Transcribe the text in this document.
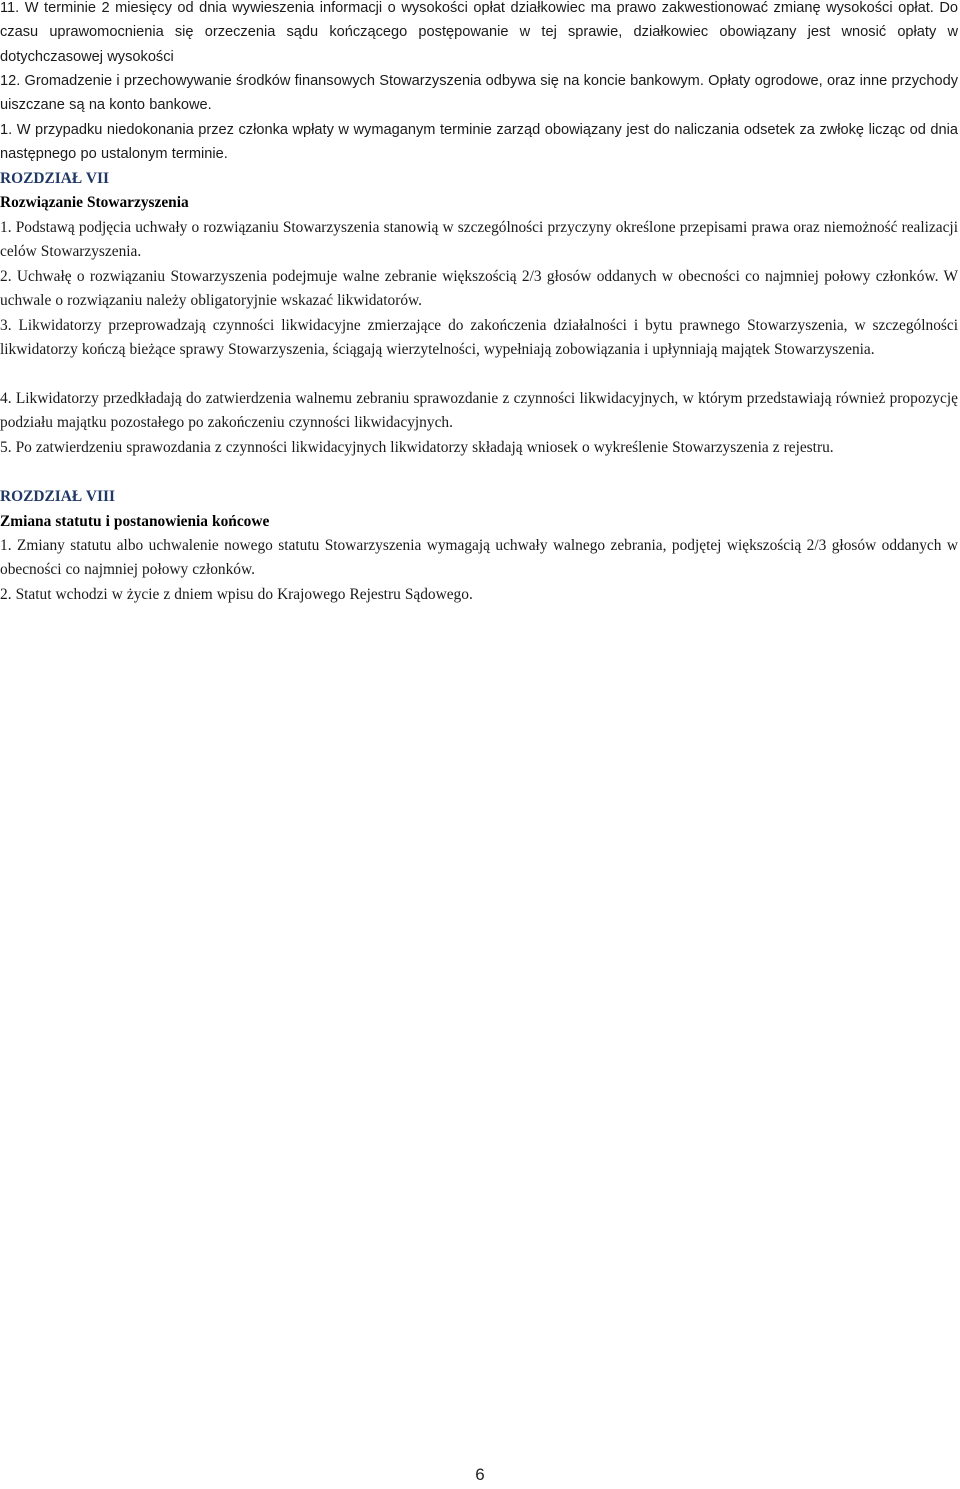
11. W terminie 2 miesięcy od dnia wywieszenia informacji o wysokości opłat działkowiec ma prawo zakwestionować zmianę wysokości opłat. Do czasu uprawomocnienia się orzeczenia sądu kończącego postępowanie w tej sprawie, działkowiec obowiązany jest wnosić opłaty w dotychczasowej wysokości

12. Gromadzenie i przechowywanie środków finansowych Stowarzyszenia odbywa się na koncie bankowym. Opłaty ogrodowe, oraz inne przychody uiszczane są na konto bankowe.

1. W przypadku niedokonania przez członka wpłaty w wymaganym terminie zarząd obowiązany jest do naliczania odsetek za zwłokę licząc od dnia następnego po ustalonym terminie.

ROZDZIAŁ VII

Rozwiązanie Stowarzyszenia

1. Podstawą podjęcia uchwały o rozwiązaniu Stowarzyszenia stanowią w szczególności przyczyny określone przepisami prawa oraz niemożność realizacji celów Stowarzyszenia.

2. Uchwałę o rozwiązaniu Stowarzyszenia podejmuje walne zebranie większością 2/3 głosów oddanych w obecności co najmniej połowy członków. W uchwale o rozwiązaniu należy obligatoryjnie wskazać likwidatorów.

3. Likwidatorzy przeprowadzają czynności likwidacyjne zmierzające do zakończenia działalności i bytu prawnego Stowarzyszenia, w szczególności likwidatorzy kończą bieżące sprawy Stowarzyszenia, ściągają wierzytelności, wypełniają zobowiązania i upłynniają majątek Stowarzyszenia.

4. Likwidatorzy przedkładają do zatwierdzenia walnemu zebraniu sprawozdanie z czynności likwidacyjnych, w którym przedstawiają również propozycję podziału majątku pozostałego po zakończeniu czynności likwidacyjnych.

5. Po zatwierdzeniu sprawozdania z czynności likwidacyjnych likwidatorzy składają wniosek o wykreślenie Stowarzyszenia z rejestru.

ROZDZIAŁ VIII

Zmiana statutu i postanowienia końcowe

1. Zmiany statutu albo uchwalenie nowego statutu Stowarzyszenia wymagają uchwały walnego zebrania, podjętej większością 2/3 głosów oddanych w obecności co najmniej połowy członków.

2. Statut wchodzi w życie z dniem wpisu do Krajowego Rejestru Sądowego.

6
